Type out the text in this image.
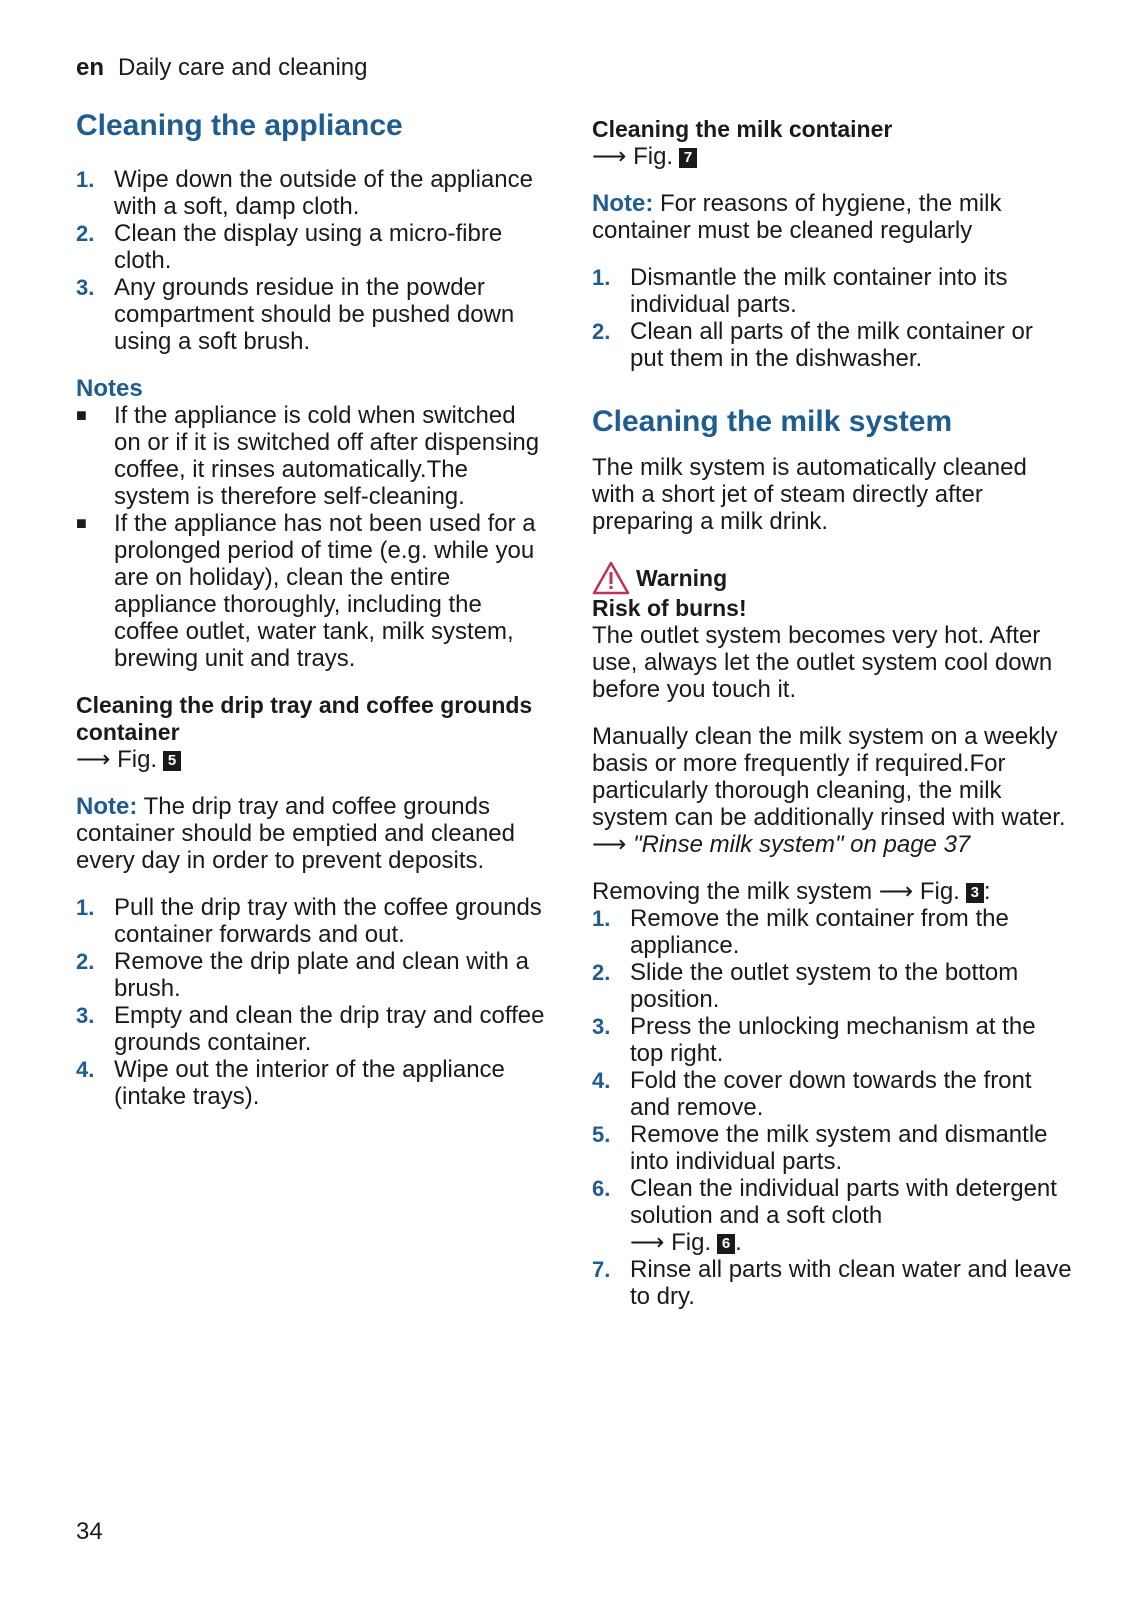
en Daily care and cleaning
Cleaning the appliance
1. Wipe down the outside of the appliance with a soft, damp cloth.
2. Clean the display using a micro-fibre cloth.
3. Any grounds residue in the powder compartment should be pushed down using a soft brush.
Notes
■	If the appliance is cold when switched on or if it is switched off after dispensing coffee, it rinses automatically.The system is therefore self-cleaning.
■	If the appliance has not been used for a prolonged period of time (e.g. while you are on holiday), clean the entire appliance thoroughly, including the coffee outlet, water tank, milk system, brewing unit and trays.
Cleaning the drip tray and coffee grounds container

⟶ Fig. 5

Note: The drip tray and coffee grounds container should be emptied and cleaned every day in order to prevent deposits.

1. Pull the drip tray with the coffee grounds container forwards and out.
2. Remove the drip plate and clean with a brush.
3. Empty and clean the drip tray and coffee grounds container.
4. Wipe out the interior of the appliance (intake trays).
Cleaning the milk container

⟶ Fig. 7

Note: For reasons of hygiene, the milk container must be cleaned regularly

1. Dismantle the milk container into its individual parts.
2. Clean all parts of the milk container or put them in the dishwasher.
Cleaning the milk system

The milk system is automatically cleaned with a short jet of steam directly after preparing a milk drink.

Warning
Risk of burns!

The outlet system becomes very hot. After use, always let the outlet system cool down before you touch it.

Manually clean the milk system on a weekly basis or more frequently if required.For particularly thorough cleaning, the milk system can be additionally rinsed with water. ⟶ "Rinse milk system" on page 37

Removing the milk system ⟶ Fig. 3 :

1. Remove the milk container from the appliance.
2. Slide the outlet system to the bottom position.
3. Press the unlocking mechanism at the top right.
4. Fold the cover down towards the front and remove.
5. Remove the milk system and dismantle into individual parts.
6. Clean the individual parts with detergent solution and a soft cloth
⟶ Fig. 6 .
7. Rinse all parts with clean water and leave to dry.
34
